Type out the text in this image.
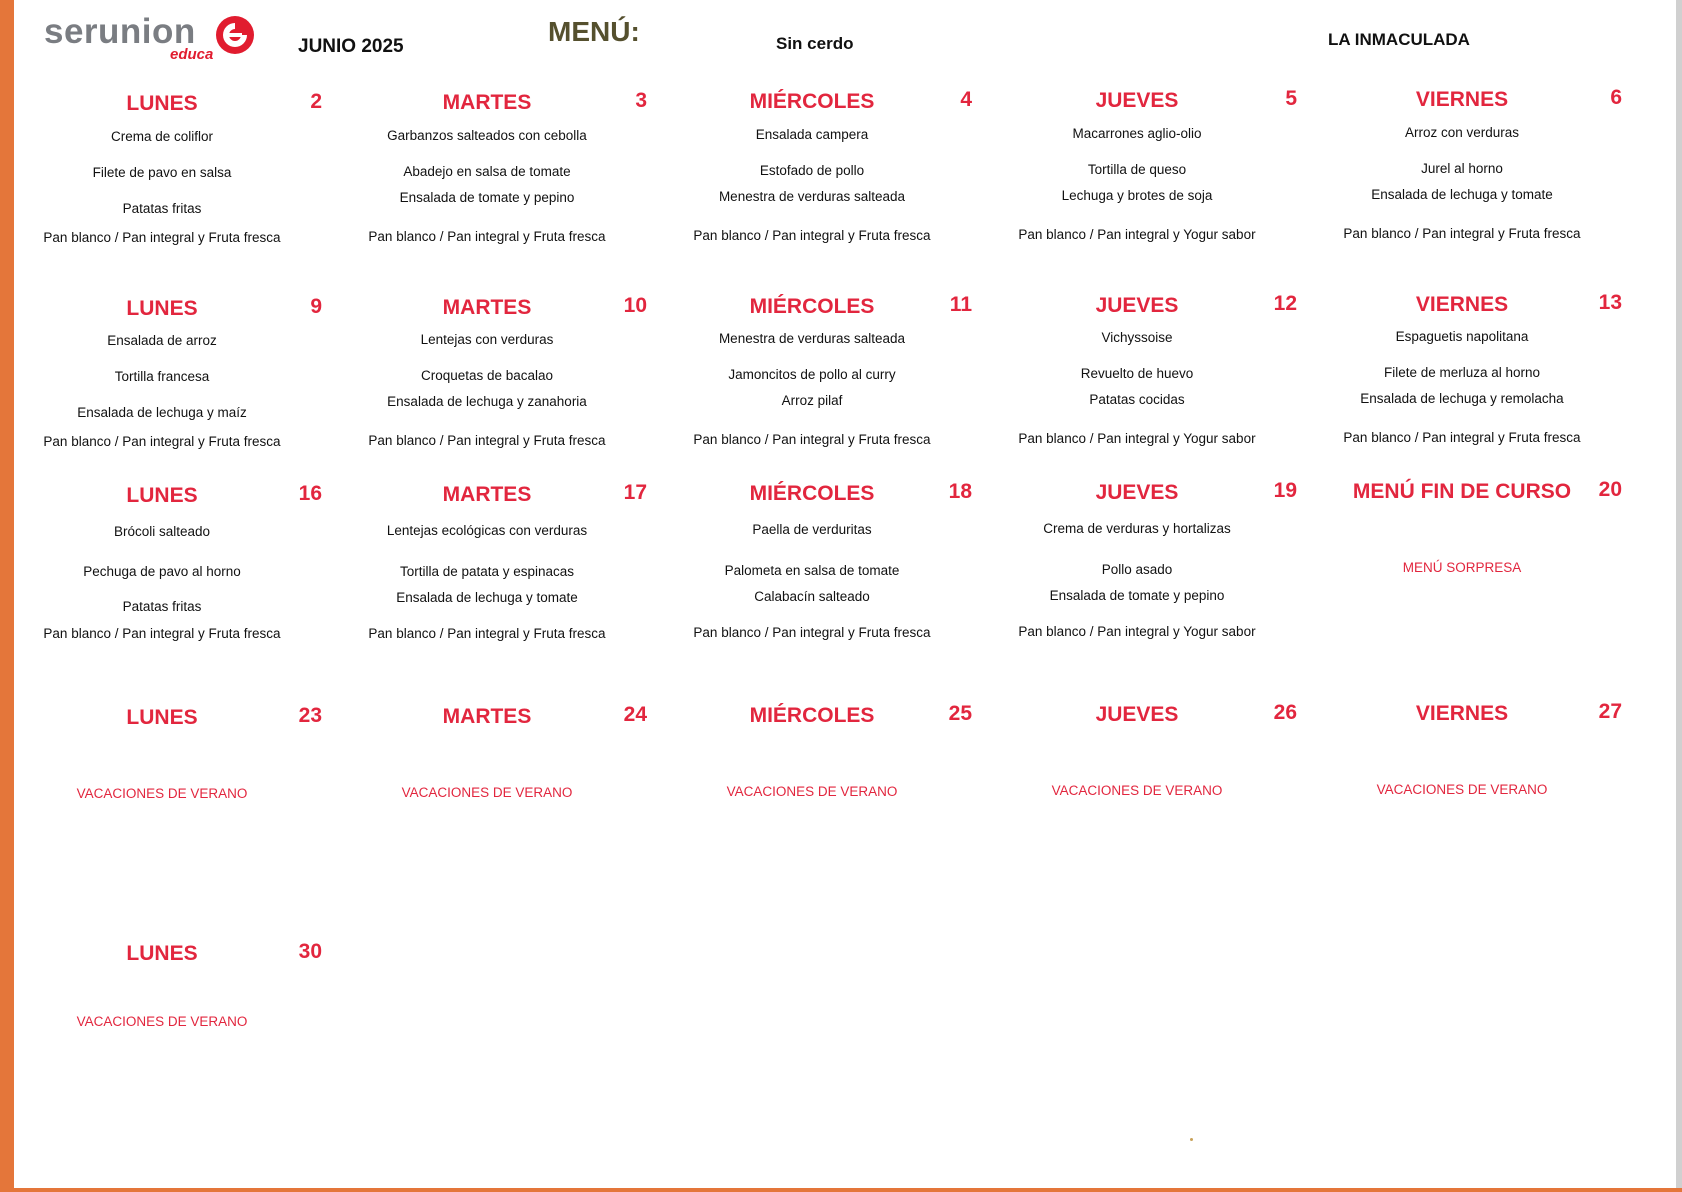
serunion
educa	JUNIO 2025	MENÚ:	Sin cerdo	LA INMACULADA
LUNES	2
Crema de coliflor
Filete de pavo en salsa
Patatas fritas
Pan blanco / Pan integral y Fruta fresca
MARTES	3
Garbanzos salteados con cebolla
Abadejo en salsa de tomate
Ensalada de tomate y pepino
Pan blanco / Pan integral y Fruta fresca
MIÉRCOLES	4
Ensalada campera
Estofado de pollo
Menestra de verduras salteada
Pan blanco / Pan integral y Fruta fresca
JUEVES	5
Macarrones aglio-olio
Tortilla de queso
Lechuga y brotes de soja
Pan blanco / Pan integral y Yogur sabor
VIERNES	6
Arroz con verduras
Jurel al horno
Ensalada de lechuga y tomate
Pan blanco / Pan integral y Fruta fresca
LUNES	9
Ensalada de arroz
Tortilla francesa
Ensalada de lechuga y maíz
Pan blanco / Pan integral y Fruta fresca
MARTES	10
Lentejas con verduras
Croquetas de bacalao
Ensalada de lechuga y zanahoria
Pan blanco / Pan integral y Fruta fresca
MIÉRCOLES	11
Menestra de verduras salteada
Jamoncitos de pollo al curry
Arroz pilaf
Pan blanco / Pan integral y Fruta fresca
JUEVES	12
Vichyssoise
Revuelto de huevo
Patatas cocidas
Pan blanco / Pan integral y Yogur sabor
VIERNES	13
Espaguetis napolitana
Filete de merluza al horno
Ensalada de lechuga y remolacha
Pan blanco / Pan integral y Fruta fresca
LUNES	16
Brócoli salteado
Pechuga de pavo al horno
Patatas fritas
Pan blanco / Pan integral y Fruta fresca
MARTES	17
Lentejas ecológicas con verduras
Tortilla de patata y espinacas
Ensalada de lechuga y tomate
Pan blanco / Pan integral y Fruta fresca
MIÉRCOLES	18
Paella de verduritas
Palometa en salsa de tomate
Calabacín salteado
Pan blanco / Pan integral y Fruta fresca
JUEVES	19
Crema de verduras y hortalizas
Pollo asado
Ensalada de tomate y pepino
Pan blanco / Pan integral y Yogur sabor
MENÚ FIN DE CURSO	20
MENÚ SORPRESA
LUNES	23
VACACIONES DE VERANO
MARTES	24
VACACIONES DE VERANO
MIÉRCOLES	25
VACACIONES DE VERANO
JUEVES	26
VACACIONES DE VERANO
VIERNES	27
VACACIONES DE VERANO
LUNES	30
VACACIONES DE VERANO
